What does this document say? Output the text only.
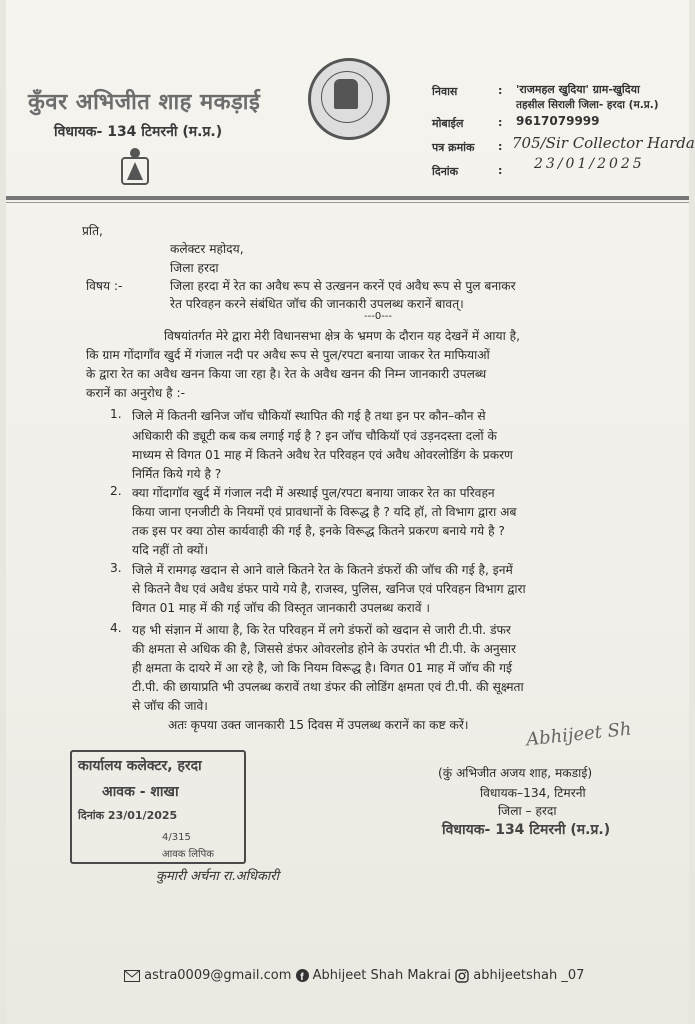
कुँवर अभिजीत शाह मकड़ाई
विधायक- 134 टिमरनी (म.प्र.)
निवास	: 'राजमहल खुदिया' ग्राम-खुदिया
तहसील सिराली जिला- हरदा (म.प्र.)
मोबाईल	: 9617079999
पत्र क्रमांक : 705/Sir Collector Harda
दिनांक	: 23/01/2025
प्रति,
कलेक्टर महोदय,
जिला हरदा
विषय :-	जिला हरदा में रेत का अवैध रूप से उत्खनन करनें एवं अवैध रूप से पुल बनाकर
रेत परिवहन करने संबंधित जॉच की जानकारी उपलब्ध करानें बावत्।
---0---
विषयांतर्गत मेरे द्वारा मेरी विधानसभा क्षेत्र के भ्रमण के दौरान यह देखनें में आया है,
कि ग्राम गोंदागाँव खुर्द में गंजाल नदी पर अवैध रूप से पुल/रपटा बनाया जाकर रेत माफियाओं
के द्वारा रेत का अवैध खनन किया जा रहा है। रेत के अवैध खनन की निम्न जानकारी उपलब्ध
करानें का अनुरोध है :-
1. जिले में कितनी खनिज जॉच चौकियॉ स्थापित की गई है तथा इन पर कौन–कौन से
अधिकारी की ड्यूटी कब कब लगाई गई है ? इन जॉच चौकियॉ एवं उड़नदस्ता दलों के
माध्यम से विगत 01 माह में कितने अवैध रेत परिवहन एवं अवैध ओवरलोडिंग के प्रकरण
निर्मित किये गये है ?
2. क्या गोंदागॉव खुर्द में गंजाल नदी में अस्थाई पुल/रपटा बनाया जाकर रेत का परिवहन
किया जाना एनजीटी के नियमों एवं प्रावधानों के विरूद्ध है ? यदि हॉ, तो विभाग द्वारा अब
तक इस पर क्या ठोस कार्यवाही की गई है, इनके विरूद्ध कितने प्रकरण बनाये गये है ?
यदि नहीं तो क्यों।
3. जिले में रामगढ़ खदान से आने वाले कितने रेत के कितने डंफरों की जॉच की गई है, इनमें
से कितने वैध एवं अवैध डंफर पाये गये है, राजस्व, पुलिस, खनिज एवं परिवहन विभाग द्वारा
विगत 01 माह में की गई जॉच की विस्तृत जानकारी उपलब्ध करावें ।
4. यह भी संज्ञान में आया है, कि रेत परिवहन में लगे डंफरों को खदान से जारी टी.पी. डंफर
की क्षमता से अधिक की है, जिससे डंफर ओवरलोड होने के उपरांत भी टी.पी. के अनुसार
ही क्षमता के दायरे में आ रहे है, जो कि नियम विरूद्ध है। विगत 01 माह में जॉच की गई
टी.पी. की छायाप्रति भी उपलब्ध करावें तथा डंफर की लोडिंग क्षमता एवं टी.पी. की सूक्ष्मता
से जॉच की जावे।
अतः कृपया उक्त जानकारी 15 दिवस में उपलब्ध करानें का कष्ट करें।	Abhijeet Sh
(कुं अभिजीत अजय शाह, मकडाई)
विधायक–134, टिमरनी
जिला – हरदा
विधायक- 134 टिमरनी (म.प्र.)
कार्यालय कलेक्टर, हरदा
आवक - शाखा
दिनांक 23/01/2025
4/315
आवक लिपिक
कुमारी अर्चना रा.अधिकारी
astra0009@gmail.com f Abhijeet Shah Makrai abhijeetshah _07
